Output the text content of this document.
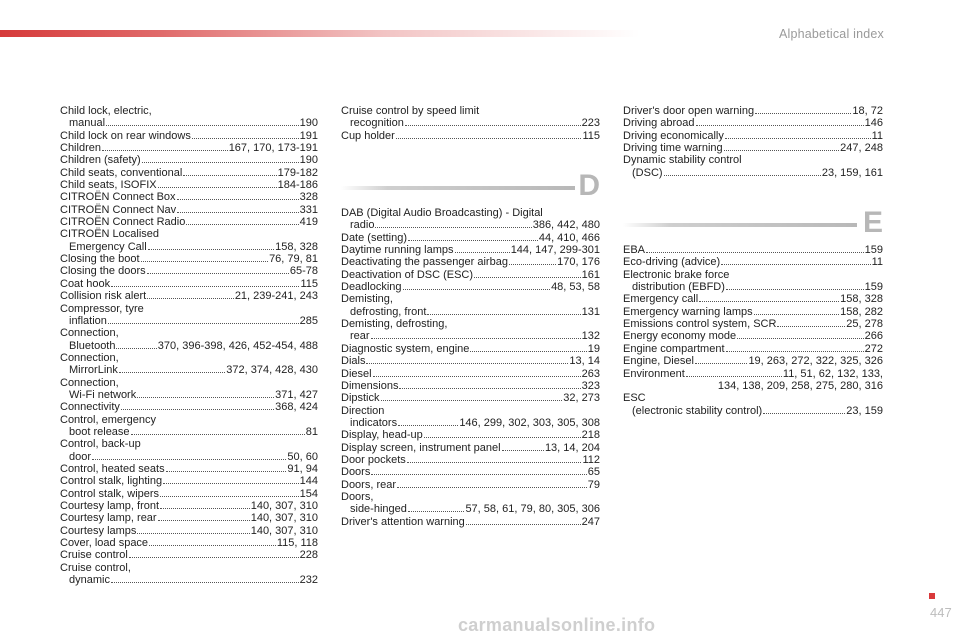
Alphabetical index
Child lock, electric,
manual	190
Child lock on rear windows	191
Children	167, 170, 173-191
Children (safety)	190
Child seats, conventional	179-182
Child seats, ISOFIX	184-186
CITROËN Connect Box	328
CITROËN Connect Nav	331
CITROËN Connect Radio	419
CITROËN Localised
Emergency Call	158, 328
Closing the boot	76, 79, 81
Closing the doors	65-78
Coat hook	115
Collision risk alert	21, 239-241, 243
Compressor, tyre
inflation	285
Connection,
Bluetooth	370, 396-398, 426, 452-454, 488
Connection,
MirrorLink	372, 374, 428, 430
Connection,
Wi-Fi network	371, 427
Connectivity	368, 424
Control, emergency
boot release	81
Control, back-up
door	50, 60
Control, heated seats	91, 94
Control stalk, lighting	144
Control stalk, wipers	154
Courtesy lamp, front	140, 307, 310
Courtesy lamp, rear	140, 307, 310
Courtesy lamps	140, 307, 310
Cover, load space	115, 118
Cruise control	228
Cruise control,
dynamic	232
Cruise control by speed limit
recognition	223
Cup holder	115
D
DAB (Digital Audio Broadcasting) - Digital
radio	386, 442, 480
Date (setting)	44, 410, 466
Daytime running lamps	144, 147, 299-301
Deactivating the passenger airbag	170, 176
Deactivation of DSC (ESC)	161
Deadlocking	48, 53, 58
Demisting,
defrosting, front	131
Demisting, defrosting,
rear	132
Diagnostic system, engine	19
Dials	13, 14
Diesel	263
Dimensions	323
Dipstick	32, 273
Direction
indicators	146, 299, 302, 303, 305, 308
Display, head-up	218
Display screen, instrument panel	13, 14, 204
Door pockets	112
Doors	65
Doors, rear	79
Doors,
side-hinged	57, 58, 61, 79, 80, 305, 306
Driver's attention warning	247
Driver's door open warning	18, 72
Driving abroad	146
Driving economically	11
Driving time warning	247, 248
Dynamic stability control
(DSC)	23, 159, 161
E
EBA	159
Eco-driving (advice)	11
Electronic brake force
distribution (EBFD)	159
Emergency call	158, 328
Emergency warning lamps	158, 282
Emissions control system, SCR	25, 278
Energy economy mode	266
Engine compartment	272
Engine, Diesel	19, 263, 272, 322, 325, 326
Environment	11, 51, 62, 132, 133,
134, 138, 209, 258, 275, 280, 316
ESC
(electronic stability control)	23, 159
447
carmanualsonline.info
